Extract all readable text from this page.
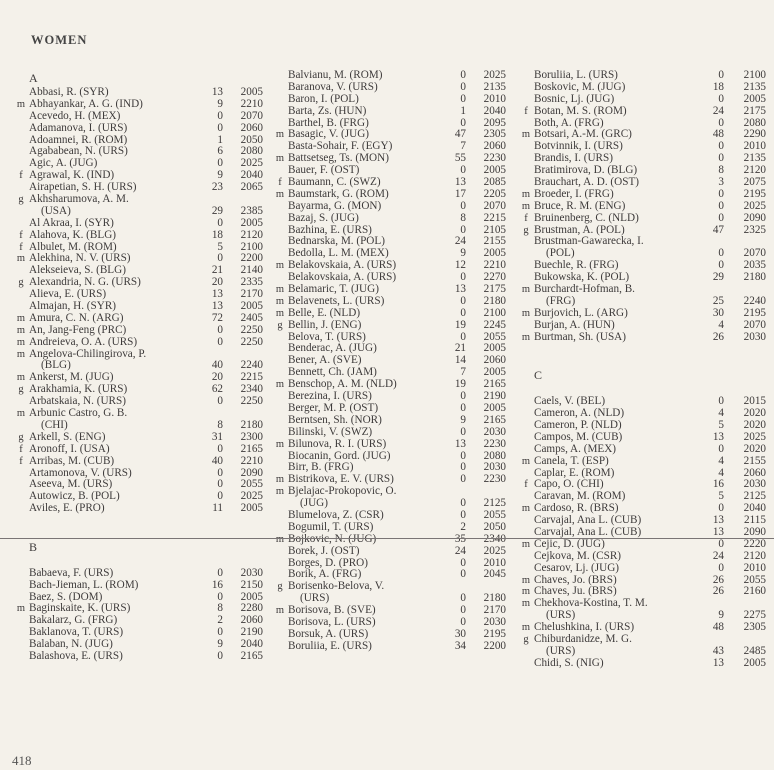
WOMEN
A
Abbasi, R. (SYR)	13	2005
m Abhayankar, A. G. (IND)	9	2210
Acevedo, H. (MEX)	0	2070
Adamanova, I. (URS)	0	2060
Adoamnei, R. (ROM)	1	2050
Agababean, N. (URS)	6	2080
Agic, A. (JUG)	0	2025
f Agrawal, K. (IND)	9	2040
Airapetian, S. H. (URS)	23	2065
g Akhsharumova, A. M.
(USA)	29	2385
Al Akraa, I. (SYR)	0	2005
f Alahova, K. (BLG)	18	2120
f Albulet, M. (ROM)	5	2100
m Alekhina, N. V. (URS)	0	2200
Alekseieva, S. (BLG)	21	2140
g Alexandria, N. G. (URS)	20	2335
Alieva, E. (URS)	13	2170
Almajan, H. (SYR)	13	2005
m Amura, C. N. (ARG)	72	2405
m An, Jang-Feng (PRC)	0	2250
m Andreieva, O. A. (URS)	0	2250
m Angelova-Chilingirova, P.
(BLG)	40	2240
m Ankerst, M. (JUG)	20	2215
g Arakhamia, K. (URS)	62	2340
Arbatskaia, N. (URS)	0	2250
m Arbunic Castro, G. B.
(CHI)	8	2180
g Arkell, S. (ENG)	31	2300
f Aronoff, I. (USA)	0	2165
f Arribas, M. (CUB)	40	2210
Artamonova, V. (URS)	0	2090
Aseeva, M. (URS)	0	2055
Autowicz, B. (POL)	0	2025
Aviles, E. (PRO)	11	2005
B
Babaeva, F. (URS)	0	2030
Bach-Jieman, L. (ROM)	16	2150
Baez, S. (DOM)	0	2005
m Baginskaite, K. (URS)	8	2280
Bakalarz, G. (FRG)	2	2060
Baklanova, T. (URS)	0	2190
Balaban, N. (JUG)	9	2040
Balashova, E. (URS)	0	2165
Balvianu, M. (ROM)	0	2025
Baranova, V. (URS)	0	2135
Baron, I. (POL)	0	2010
Barta, Zs. (HUN)	1	2040
Barthel, B. (FRG)	0	2095
m Basagic, V. (JUG)	47	2305
Basta-Sohair, F. (EGY)	7	2060
m Battsetseg, Ts. (MON)	55	2230
Bauer, F. (OST)	0	2005
f Baumann, C. (SWZ)	13	2085
m Baumstark, G. (ROM)	17	2205
Bayarma, G. (MON)	0	2070
Bazaj, S. (JUG)	8	2215
Bazhina, E. (URS)	0	2105
Bednarska, M. (POL)	24	2155
Bedolla, L. M. (MEX)	9	2005
m Belakovskaia, A. (URS)	12	2210
Belakovskaia, A. (URS)	0	2270
m Belamaric, T. (JUG)	13	2175
m Belavenets, L. (URS)	0	2180
m Belle, E. (NLD)	0	2100
g Bellin, J. (ENG)	19	2245
Belova, T. (URS)	0	2055
Benderac, A. (JUG)	21	2005
Bener, A. (SVE)	14	2060
Bennett, Ch. (JAM)	7	2005
m Benschop, A. M. (NLD)	19	2165
Berezina, I. (URS)	0	2190
Berger, M. P. (OST)	0	2005
Berntsen, Sh. (NOR)	9	2165
Bilinski, V. (SWZ)	0	2030
m Bilunova, R. I. (URS)	13	2230
Biocanin, Gord. (JUG)	0	2080
Birr, B. (FRG)	0	2030
m Bistrikova, E. V. (URS)	0	2230
m Bjelajac-Prokopovic, O.
(JUG)	0	2125
Blumelova, Z. (CSR)	0	2055
Bogumil, T. (URS)	2	2050
m Bojkovic, N. (JUG)	35	2340
Borek, J. (OST)	24	2025
Borges, D. (PRO)	0	2010
Borik, A. (FRG)	0	2045
g Borisenko-Belova, V.
(URS)	0	2180
m Borisova, B. (SVE)	0	2170
Borisova, L. (URS)	0	2030
Borsuk, A. (URS)	30	2195
Boruliia, E. (URS)	34	2200
Boruliia, L. (URS)	0	2100
Boskovic, M. (JUG)	18	2135
Bosnic, Lj. (JUG)	0	2005
f Botan, M. S. (ROM)	24	2175
Both, A. (FRG)	0	2080
m Botsari, A.-M. (GRC)	48	2290
Botvinnik, I. (URS)	0	2010
Brandis, I. (URS)	0	2135
Bratimirova, D. (BLG)	8	2120
Brauchart, A. D. (OST)	3	2075
m Broeder, I. (FRG)	0	2195
m Bruce, R. M. (ENG)	0	2025
f Bruinenberg, C. (NLD)	0	2090
g Brustman, A. (POL)	47	2325
Brustman-Gawarecka, I.
(POL)	0	2070
Buechle, R. (FRG)	0	2035
Bukowska, K. (POL)	29	2180
m Burchardt-Hofman, B.
(FRG)	25	2240
m Burjovich, L. (ARG)	30	2195
Burjan, A. (HUN)	4	2070
m Burtman, Sh. (USA)	26	2030
C
Caels, V. (BEL)	0	2015
Cameron, A. (NLD)	4	2020
Cameron, P. (NLD)	5	2020
Campos, M. (CUB)	13	2025
Camps, A. (MEX)	0	2020
m Canela, T. (ESP)	4	2155
Caplar, E. (ROM)	4	2060
f Capo, O. (CHI)	16	2030
Caravan, M. (ROM)	5	2125
m Cardoso, R. (BRS)	0	2040
Carvajal, Ana L. (CUB)	13	2115
Carvajal, Ana L. (CUB)	13	2090
m Cejic, D. (JUG)	0	2220
Cejkova, M. (CSR)	24	2120
Cesarov, Lj. (JUG)	0	2010
m Chaves, Jo. (BRS)	26	2055
m Chaves, Ju. (BRS)	26	2160
m Chekhova-Kostina, T. M.
(URS)	9	2275
m Chelushkina, I. (URS)	48	2305
g Chiburdanidze, M. G.
(URS)	43	2485
Chidi, S. (NIG)	13	2005
418
